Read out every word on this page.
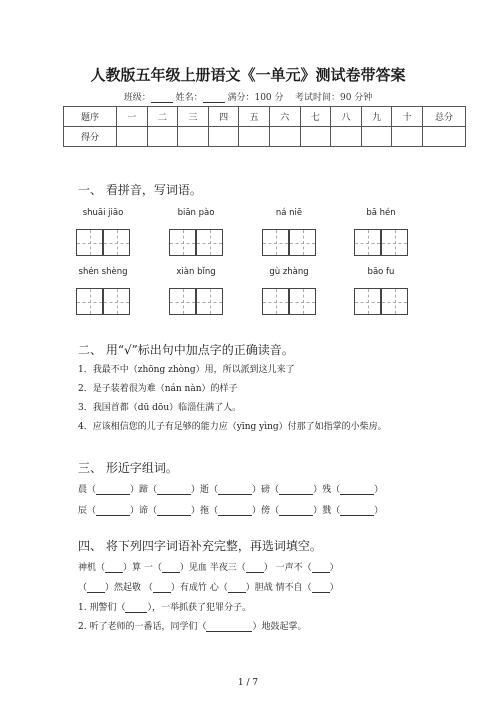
人教版五年级上册语文《一单元》测试卷带答案
班级：	姓名：	满分：100 分 考试时间：90 分钟
题序	一	二	三	四	五	六	七	八	九	十	总分
得分											
一、 看拼音，写词语。
shuāi jiāo	biān pào	ná niē	bā hén
shén shèng	xiàn bǐng	gù zhàng	bāo fu
二、 用“√”标出句中加点字的正确读音。
1．我最不中（zhōng zhòng）用，所以派到这儿来了
2．是子装着很为难（nán nàn）的样子
3．我国首都（dū dōu）临淄住满了人。
4．应该相信您的儿子有足够的能力应（yīng yìng）付那了如指掌的小柴房。
三、 形近字组词。
晨（	）蹄（	）逝（	）磅（	）残（	）
辰（	）谛（	）拖（	）傍（	）戮（	）
四、 将下列四字词语补充完整，再选词填空。
神机（ ）算 一（ ）见血 半夜三（ ） 一声不（ ）
（ ）然起敬 （ ）有成竹 心（ ）胆战 情不自（ ）
1. 刑警们（ ），一举抓获了犯罪分子。
2. 听了老师的一番话，同学们（	）地鼓起掌。
1 / 7
